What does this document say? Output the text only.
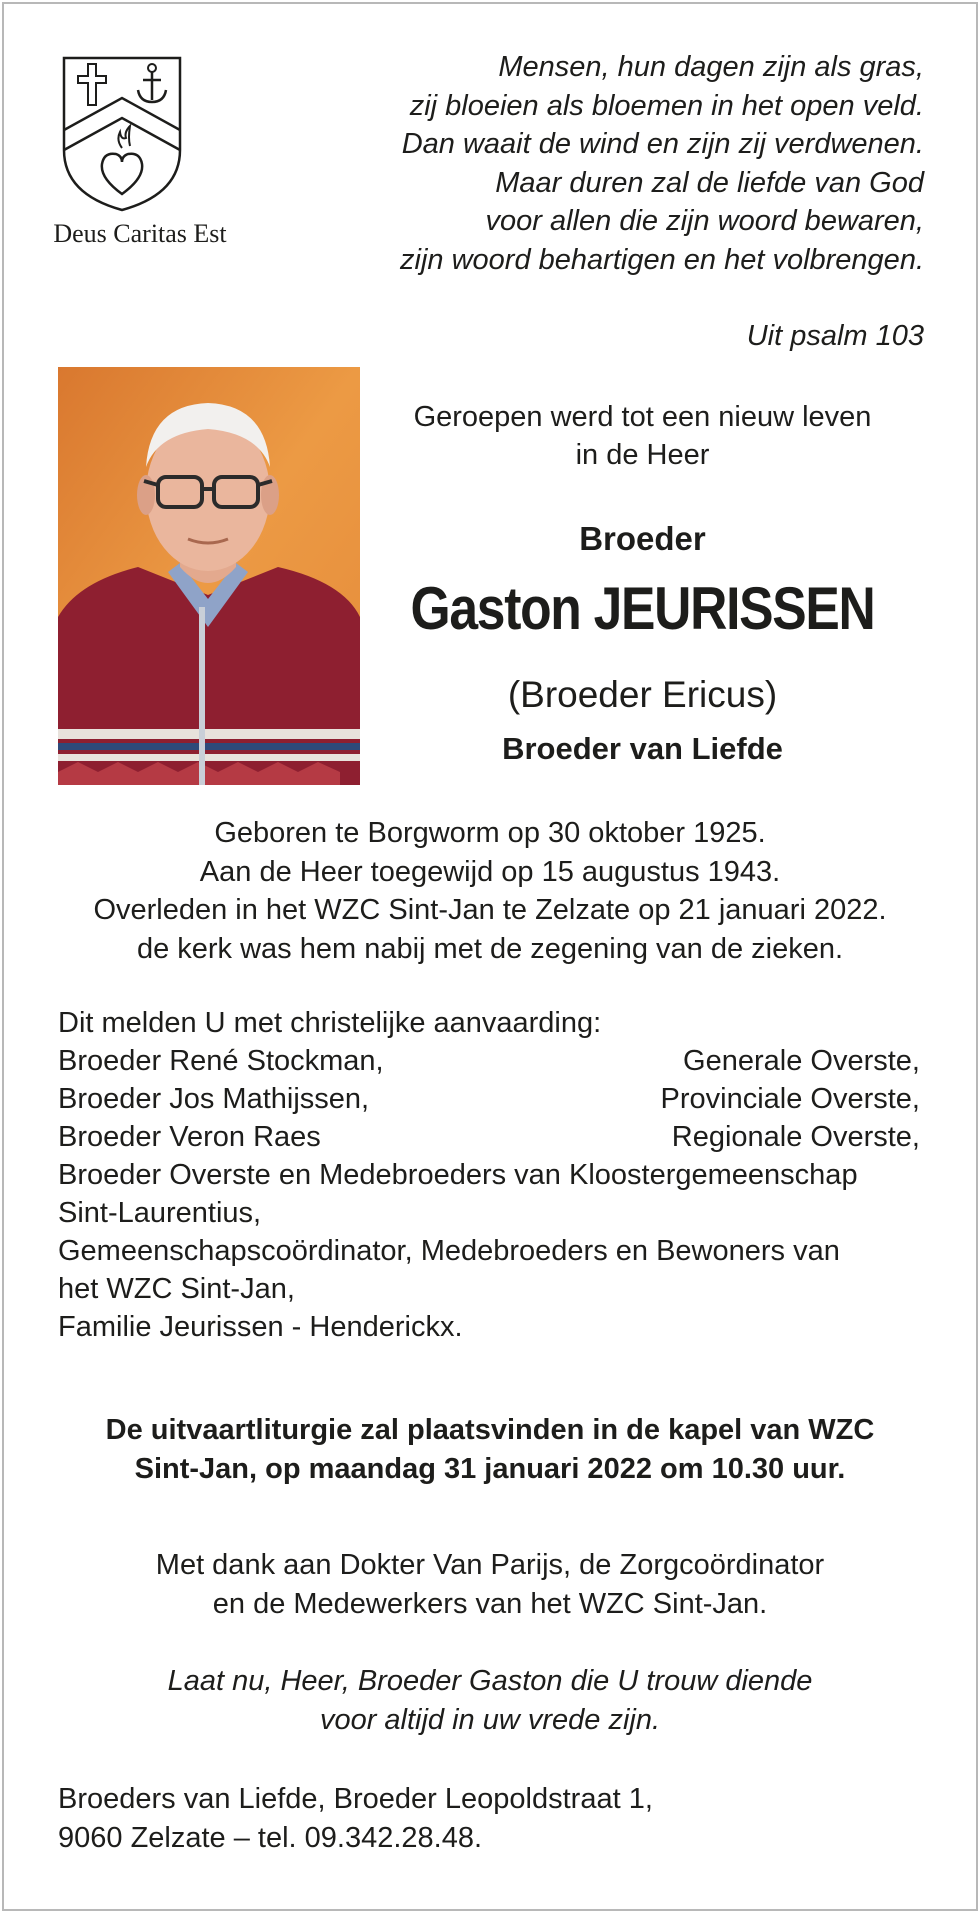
Deus Caritas Est
Mensen, hun dagen zijn als gras,
zij bloeien als bloemen in het open veld.
Dan waait de wind en zijn zij verdwenen.
Maar duren zal de liefde van God
voor allen die zijn woord bewaren,
zijn woord behartigen en het volbrengen.
Uit psalm 103
Geroepen werd tot een nieuw leven
in de Heer
Broeder
Gaston JEURISSEN
(Broeder Ericus)
Broeder van Liefde
Geboren te Borgworm op 30 oktober 1925.
Aan de Heer toegewijd op 15 augustus 1943.
Overleden in het WZC Sint-Jan te Zelzate op 21 januari 2022.
de kerk was hem nabij met de zegening van de zieken.
Dit melden U met christelijke aanvaarding:
Broeder René Stockman,	Generale Overste,
Broeder Jos Mathijssen,	Provinciale Overste,
Broeder Veron Raes	Regionale Overste,
Broeder Overste en Medebroeders van Kloostergemeenschap
Sint-Laurentius,
Gemeenschapscoördinator, Medebroeders en Bewoners van
het WZC Sint-Jan,
Familie Jeurissen - Henderickx.
De uitvaartliturgie zal plaatsvinden in de kapel van WZC
Sint-Jan, op maandag 31 januari 2022 om 10.30 uur.
Met dank aan Dokter Van Parijs, de Zorgcoördinator
en de Medewerkers van het WZC Sint-Jan.
Laat nu, Heer, Broeder Gaston die U trouw diende
voor altijd in uw vrede zijn.
Broeders van Liefde, Broeder Leopoldstraat 1,
9060 Zelzate – tel. 09.342.28.48.
